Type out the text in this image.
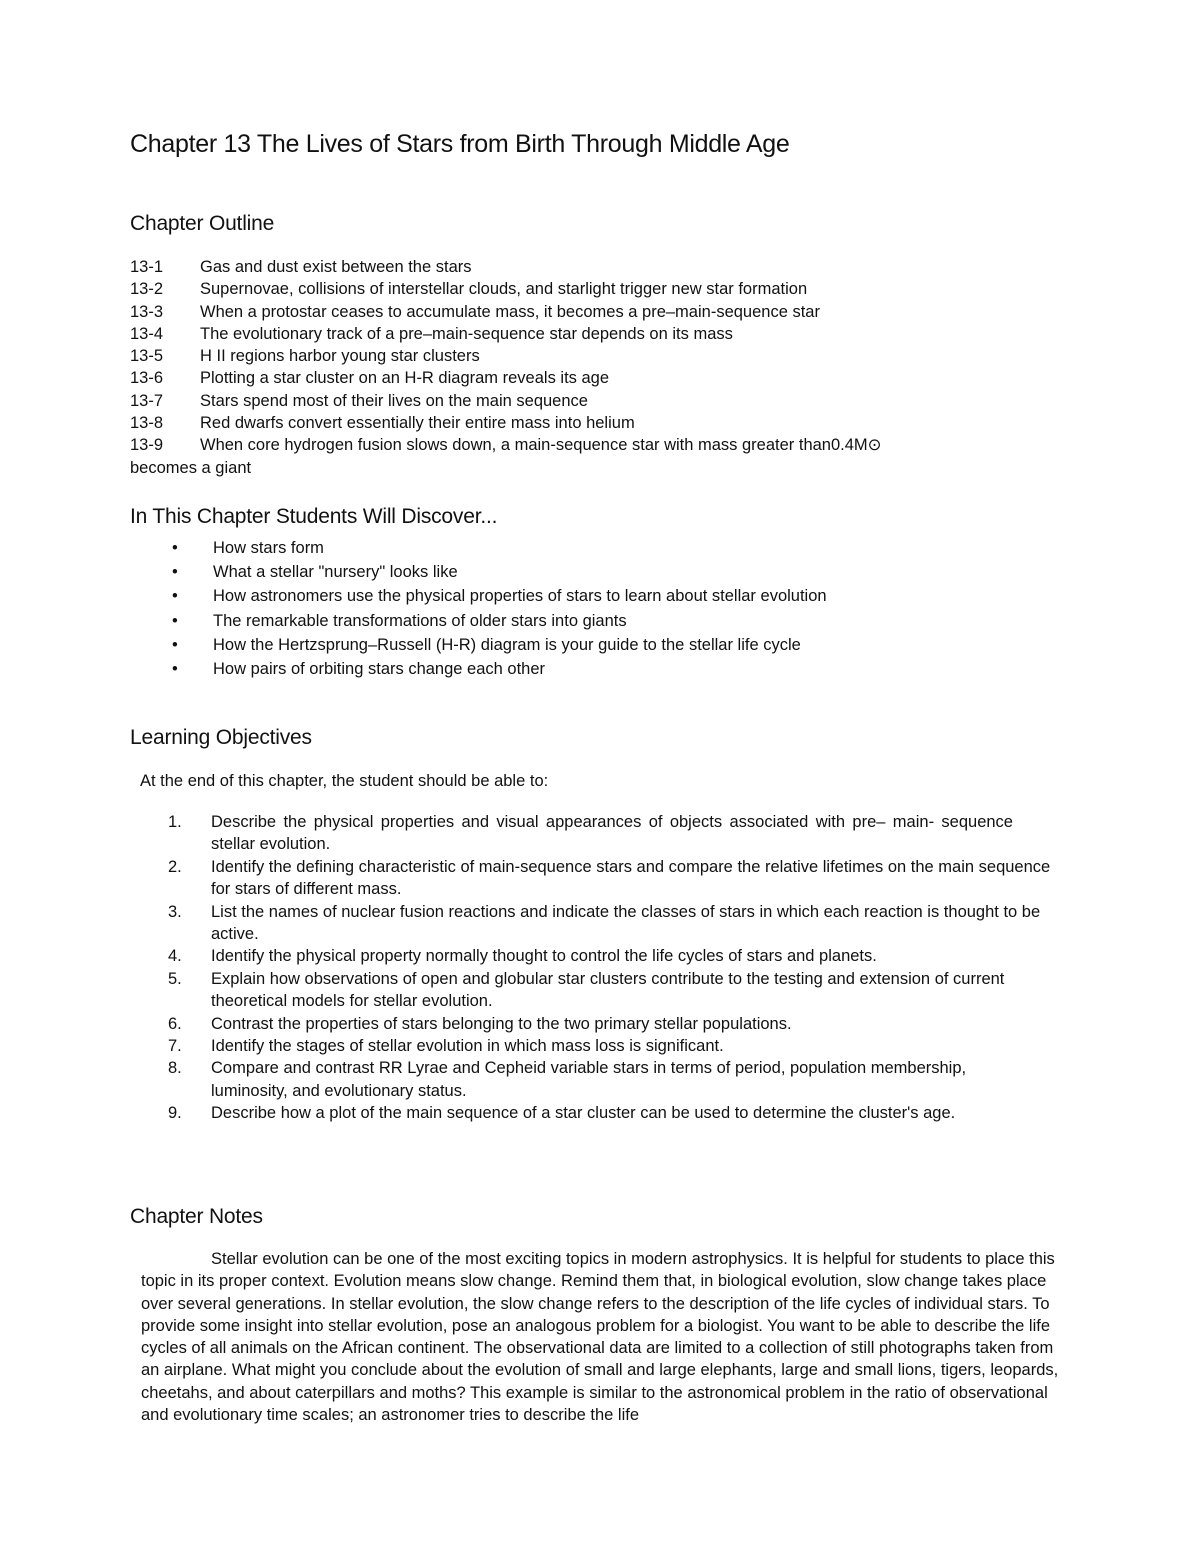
Chapter 13 The Lives of Stars from Birth Through Middle Age
Chapter Outline
13-1	Gas and dust exist between the stars
13-2	Supernovae, collisions of interstellar clouds, and starlight trigger new star formation
13-3	When a protostar ceases to accumulate mass, it becomes a pre–main-sequence star
13-4	The evolutionary track of a pre–main-sequence star depends on its mass
13-5	H II regions harbor young star clusters
13-6	Plotting a star cluster on an H-R diagram reveals its age
13-7	Stars spend most of their lives on the main sequence
13-8	Red dwarfs convert essentially their entire mass into helium
13-9	When core hydrogen fusion slows down, a main-sequence star with mass greater than0.4M⊙
becomes a giant
In This Chapter Students Will Discover...
•	How stars form
•	What a stellar "nursery" looks like
•	How astronomers use the physical properties of stars to learn about stellar evolution
•	The remarkable transformations of older stars into giants
•	How the Hertzsprung–Russell (H-R) diagram is your guide to the stellar life cycle
•	How pairs of orbiting stars change each other
Learning Objectives
At the end of this chapter, the student should be able to:
1.	Describe the physical properties and visual appearances of objects associated with pre– main- sequence stellar evolution.
2.	Identify the defining characteristic of main-sequence stars and compare the relative lifetimes on the main sequence for stars of different mass.
3.	List the names of nuclear fusion reactions and indicate the classes of stars in which each reaction is thought to be active.
4.	Identify the physical property normally thought to control the life cycles of stars and planets.
5.	Explain how observations of open and globular star clusters contribute to the testing and extension of current theoretical models for stellar evolution.
6.	Contrast the properties of stars belonging to the two primary stellar populations.
7.	Identify the stages of stellar evolution in which mass loss is significant.
8.	Compare and contrast RR Lyrae and Cepheid variable stars in terms of period, population membership, luminosity, and evolutionary status.
9.	Describe how a plot of the main sequence of a star cluster can be used to determine the cluster's age.
Chapter Notes
Stellar evolution can be one of the most exciting topics in modern astrophysics. It is helpful for students to place this topic in its proper context. Evolution means slow change. Remind them that, in biological evolution, slow change takes place over several generations. In stellar evolution, the slow change refers to the description of the life cycles of individual stars. To provide some insight into stellar evolution, pose an analogous problem for a biologist. You want to be able to describe the life cycles of all animals on the African continent. The observational data are limited to a collection of still photographs taken from an airplane. What might you conclude about the evolution of small and large elephants, large and small lions, tigers, leopards, cheetahs, and about caterpillars and moths? This example is similar to the astronomical problem in the ratio of observational and evolutionary time scales; an astronomer tries to describe the life
